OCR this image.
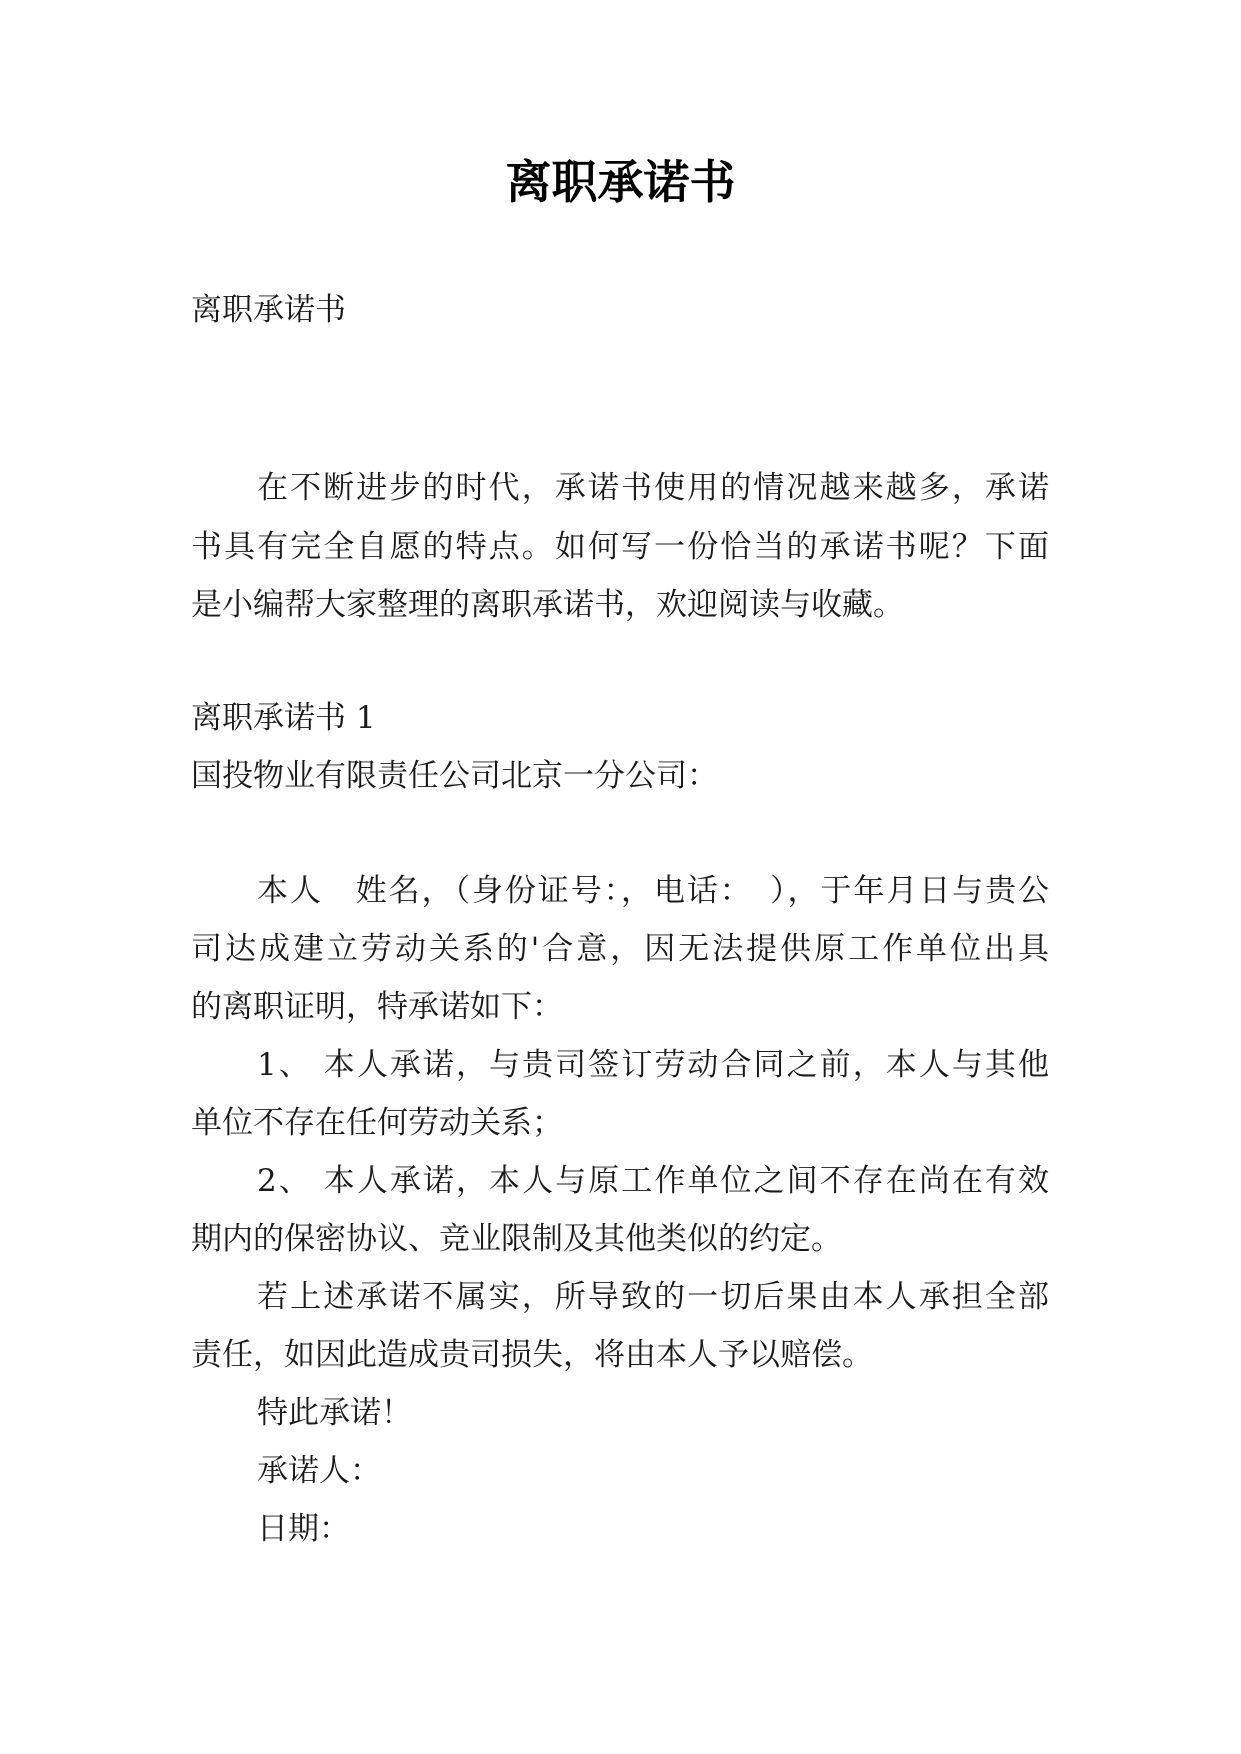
离职承诺书
离职承诺书
在不断进步的时代，承诺书使用的情况越来越多，承诺
书具有完全自愿的特点。如何写一份恰当的承诺书呢？下面
是小编帮大家整理的离职承诺书，欢迎阅读与收藏。
离职承诺书 1
国投物业有限责任公司北京一分公司：
本人　姓名，（身份证号：，电话：　），于年月日与贵公
司达成建立劳动关系的'合意，因无法提供原工作单位出具
的离职证明，特承诺如下：
1、 本人承诺，与贵司签订劳动合同之前，本人与其他
单位不存在任何劳动关系；
2、 本人承诺，本人与原工作单位之间不存在尚在有效
期内的保密协议、竞业限制及其他类似的约定。
若上述承诺不属实，所导致的一切后果由本人承担全部
责任，如因此造成贵司损失，将由本人予以赔偿。
特此承诺！
承诺人：
日期：
